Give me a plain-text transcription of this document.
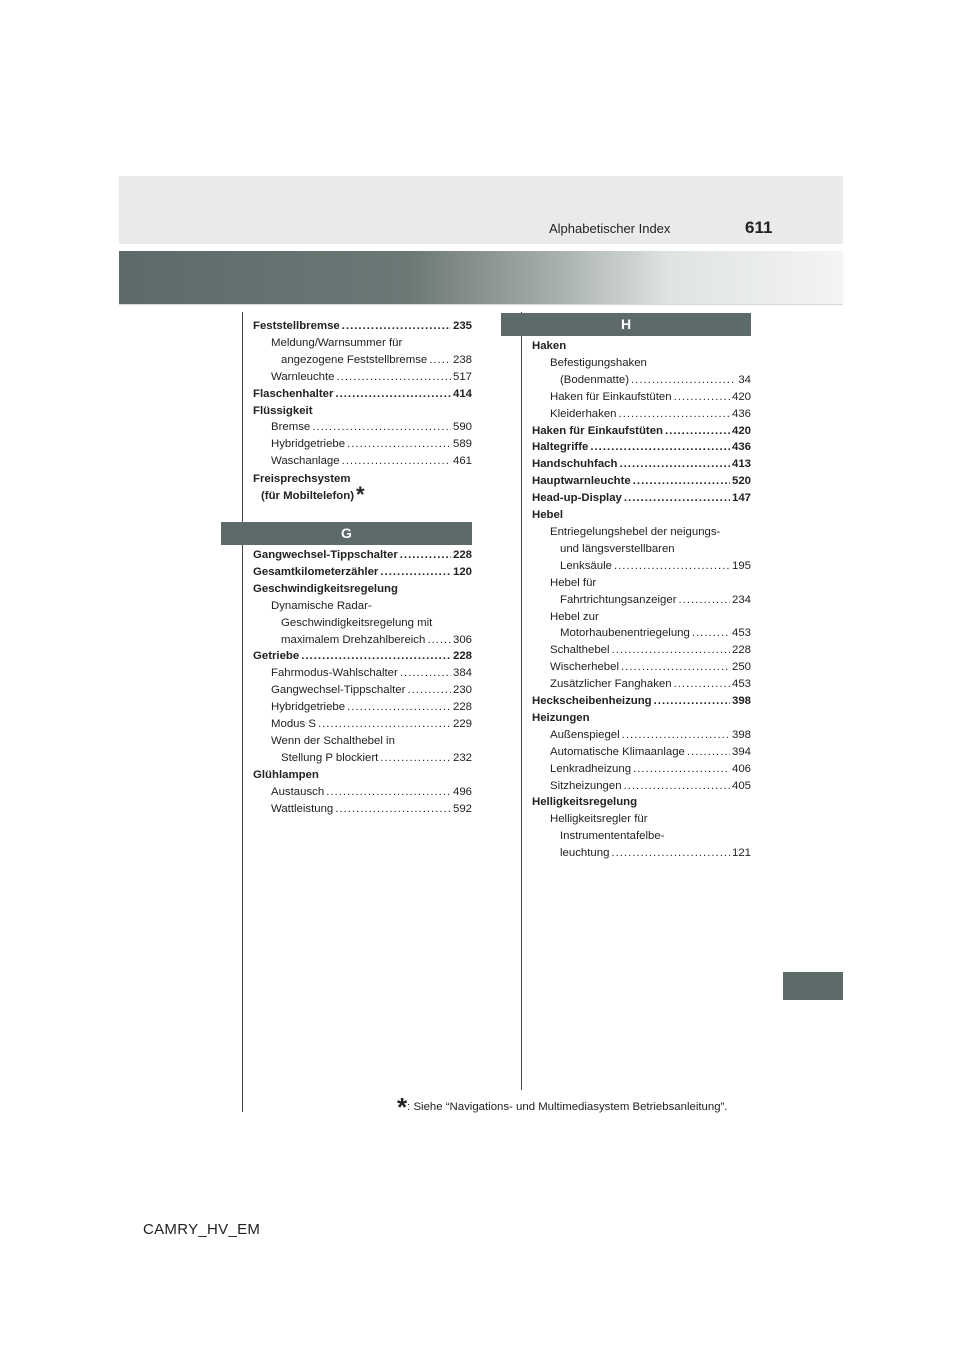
Alphabetischer Index	611
Feststellbremse .....	235
Meldung/Warnsummer für
angezogene Feststellbremse ..... 238
Warnleuchte .....	517
Flaschenhalter .....	414
Flüssigkeit
Bremse .....	590
Hybridgetriebe .....	589
Waschanlage .....	461
Freisprechsystem
(für Mobiltelefon) *
G
Gangwechsel-Tippschalter .....	228
Gesamtkilometerzähler .....	120
Geschwindigkeitsregelung
Dynamische Radar-
Geschwindigkeitsregelung mit
maximalem Drehzahlbereich ..... 306
Getriebe .....	228
Fahrmodus-Wahlschalter .....	384
Gangwechsel-Tippschalter .....	230
Hybridgetriebe .....	228
Modus S .....	229
Wenn der Schalthebel in
Stellung P blockiert .....	232
Glühlampen
Austausch .....	496
Wattleistung .....	592
H
Haken
Befestigungshaken
(Bodenmatte) .....	34
Haken für Einkaufstüten .....	420
Kleiderhaken .....	436
Haken für Einkaufstüten .....	420
Haltegriffe .....	436
Handschuhfach .....	413
Hauptwarnleuchte .....	520
Head-up-Display .....	147
Hebel
Entriegelungshebel der neigungs-
und längsverstellbaren
Lenksäule .....	195
Hebel für
Fahrtrichtungsanzeiger .....	234
Hebel zur
Motorhaubenentriegelung .....	453
Schalthebel .....	228
Wischerhebel .....	250
Zusätzlicher Fanghaken .....	453
Heckscheibenheizung .....	398
Heizungen
Außenspiegel .....	398
Automatische Klimaanlage .....	394
Lenkradheizung .....	406
Sitzheizungen .....	405
Helligkeitsregelung
Helligkeitsregler für
Instrumententafelbe-
leuchtung .....	121
*: Siehe “Navigations- und Multimediasystem Betriebsanleitung”.
CAMRY_HV_EM
